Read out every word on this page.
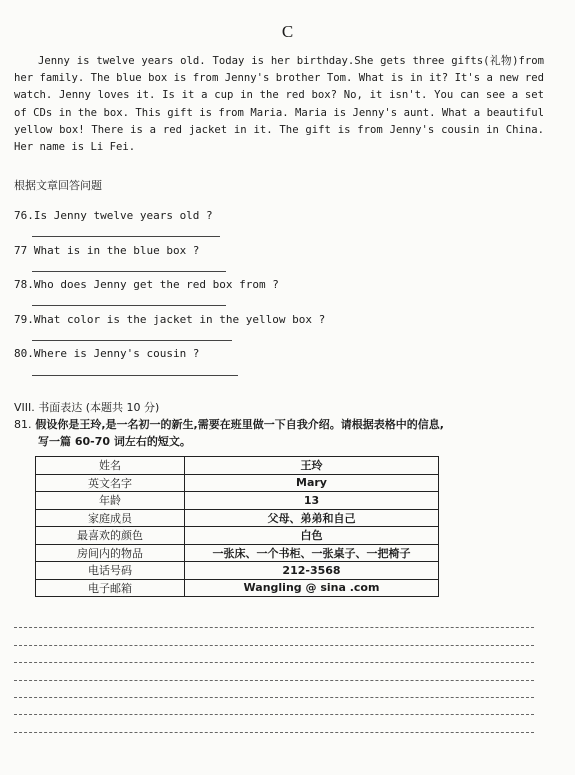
C

Jenny is twelve years old. Today is her birthday.She gets three gifts(礼物)from her family. The blue box is from Jenny's brother Tom. What is in it? It's a new red watch. Jenny loves it. Is it a cup in the red box? No, it isn't. You can see a set of CDs in the box. This gift is from Maria. Maria is Jenny's aunt. What a beautiful yellow box! There is a red jacket in it. The gift is from Jenny's cousin in China. Her name is Li Fei.

根据文章回答问题

76.Is Jenny twelve years old ?

77 What is in the blue box ?

78.Who does Jenny get the red box from ?

79.What color is the jacket in the yellow box ?

80.Where is Jenny's cousin ?

VIII. 书面表达 (本题共 10 分)

81. 假设你是王玲,是一名初一的新生,需要在班里做一下自我介绍。请根据表格中的信息,
写一篇 60-70 词左右的短文。

姓名	王玲
英文名字	Mary
年龄	13
家庭成员	父母、弟弟和自己
最喜欢的颜色	白色
房间内的物品	一张床、一个书柜、一张桌子、一把椅子
电话号码	212-3568
电子邮箱	Wangling @ sina .com
